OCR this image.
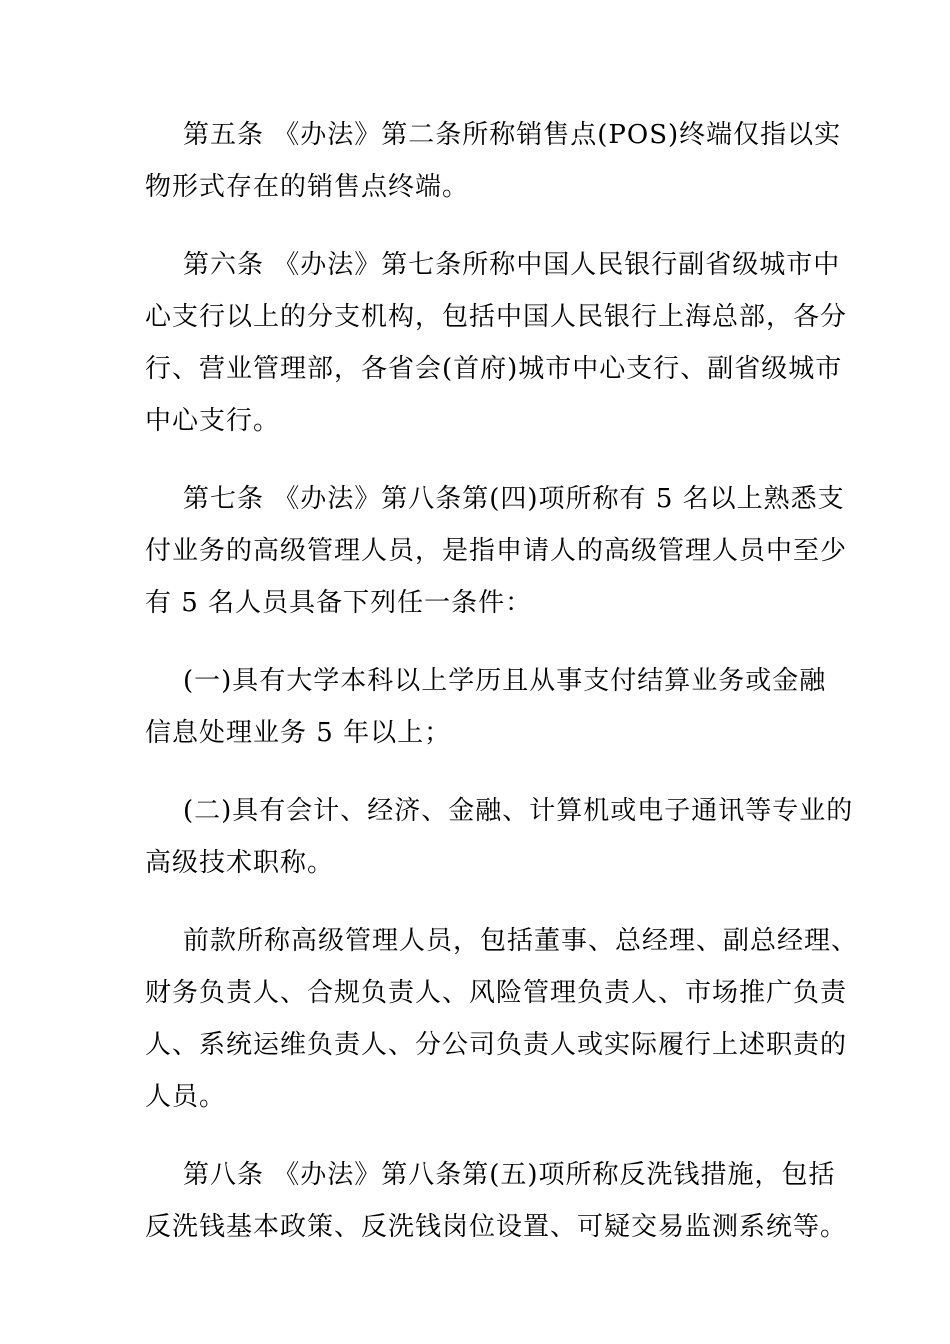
第五条 《办法》第二条所称销售点(POS)终端仅指以实
物形式存在的销售点终端。

第六条 《办法》第七条所称中国人民银行副省级城市中
心支行以上的分支机构，包括中国人民银行上海总部，各分
行、营业管理部，各省会(首府)城市中心支行、副省级城市
中心支行。

第七条 《办法》第八条第(四)项所称有 5 名以上熟悉支
付业务的高级管理人员，是指申请人的高级管理人员中至少
有 5 名人员具备下列任一条件：

(一)具有大学本科以上学历且从事支付结算业务或金融
信息处理业务 5 年以上；

(二)具有会计、经济、金融、计算机或电子通讯等专业的
高级技术职称。

前款所称高级管理人员，包括董事、总经理、副总经理、
财务负责人、合规负责人、风险管理负责人、市场推广负责
人、系统运维负责人、分公司负责人或实际履行上述职责的
人员。

第八条 《办法》第八条第(五)项所称反洗钱措施，包括
反洗钱基本政策、反洗钱岗位设置、可疑交易监测系统等。
